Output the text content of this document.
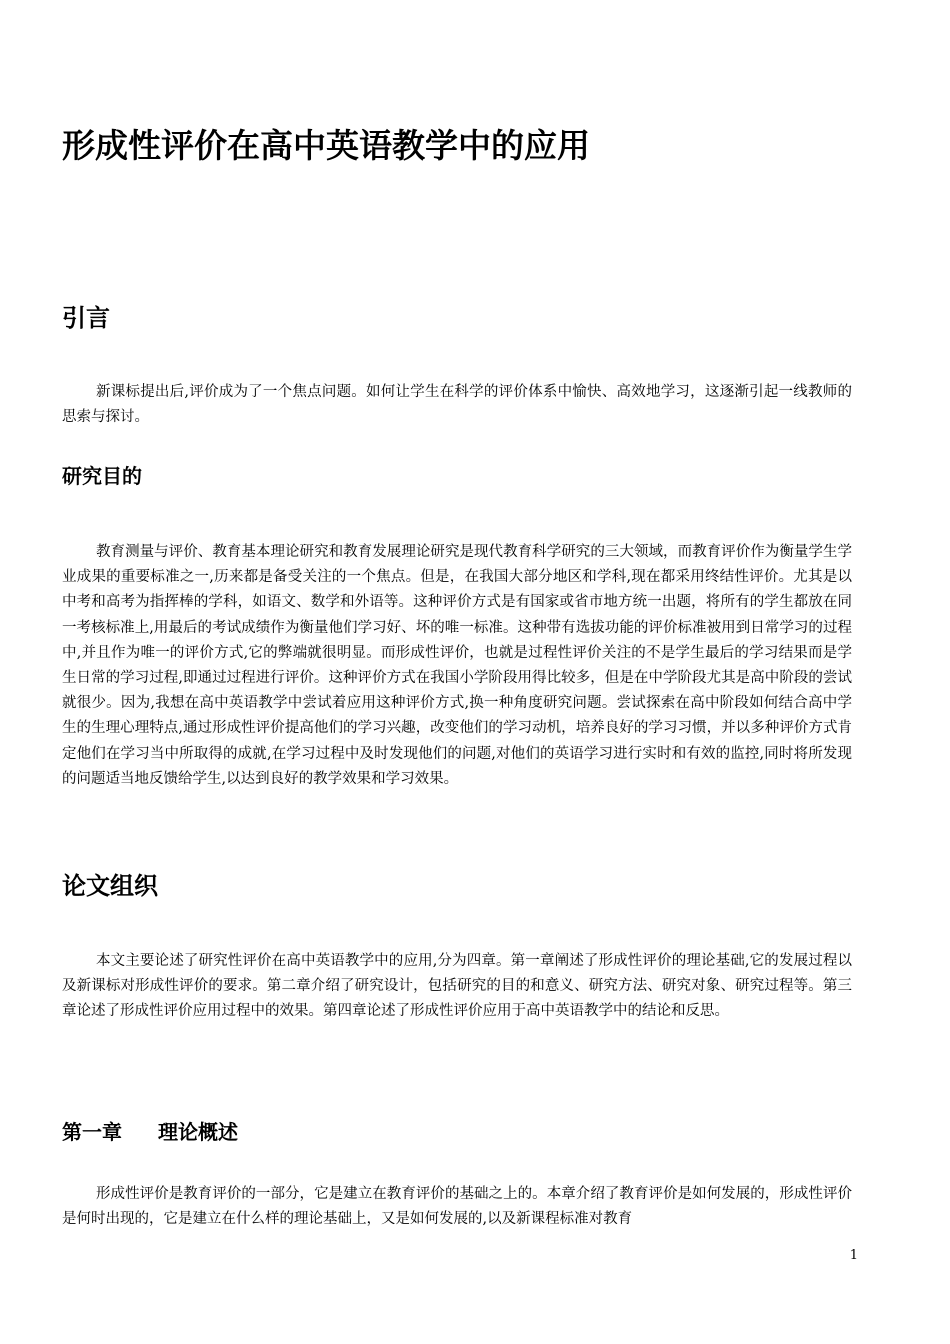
形成性评价在高中英语教学中的应用
引言

新课标提出后,评价成为了一个焦点问题。如何让学生在科学的评价体系中愉快、高效地学习，这逐渐引起一线教师的思索与探讨。

研究目的

教育测量与评价、教育基本理论研究和教育发展理论研究是现代教育科学研究的三大领域，而教育评价作为衡量学生学业成果的重要标准之一,历来都是备受关注的一个焦点。但是，在我国大部分地区和学科,现在都采用终结性评价。尤其是以中考和高考为指挥棒的学科，如语文、数学和外语等。这种评价方式是有国家或省市地方统一出题，将所有的学生都放在同一考核标准上,用最后的考试成绩作为衡量他们学习好、坏的唯一标准。这种带有选拔功能的评价标准被用到日常学习的过程中,并且作为唯一的评价方式,它的弊端就很明显。而形成性评价，也就是过程性评价关注的不是学生最后的学习结果而是学生日常的学习过程,即通过过程进行评价。这种评价方式在我国小学阶段用得比较多，但是在中学阶段尤其是高中阶段的尝试就很少。因为,我想在高中英语教学中尝试着应用这种评价方式,换一种角度研究问题。尝试探索在高中阶段如何结合高中学生的生理心理特点,通过形成性评价提高他们的学习兴趣，改变他们的学习动机，培养良好的学习习惯，并以多种评价方式肯定他们在学习当中所取得的成就,在学习过程中及时发现他们的问题,对他们的英语学习进行实时和有效的监控,同时将所发现的问题适当地反馈给学生,以达到良好的教学效果和学习效果。

论文组织

本文主要论述了研究性评价在高中英语教学中的应用,分为四章。第一章阐述了形成性评价的理论基础,它的发展过程以及新课标对形成性评价的要求。第二章介绍了研究设计，包括研究的目的和意义、研究方法、研究对象、研究过程等。第三章论述了形成性评价应用过程中的效果。第四章论述了形成性评价应用于高中英语教学中的结论和反思。

第一章 理论概述

形成性评价是教育评价的一部分，它是建立在教育评价的基础之上的。本章介绍了教育评价是如何发展的，形成性评价是何时出现的，它是建立在什么样的理论基础上，又是如何发展的,以及新课程标准对教育

1
